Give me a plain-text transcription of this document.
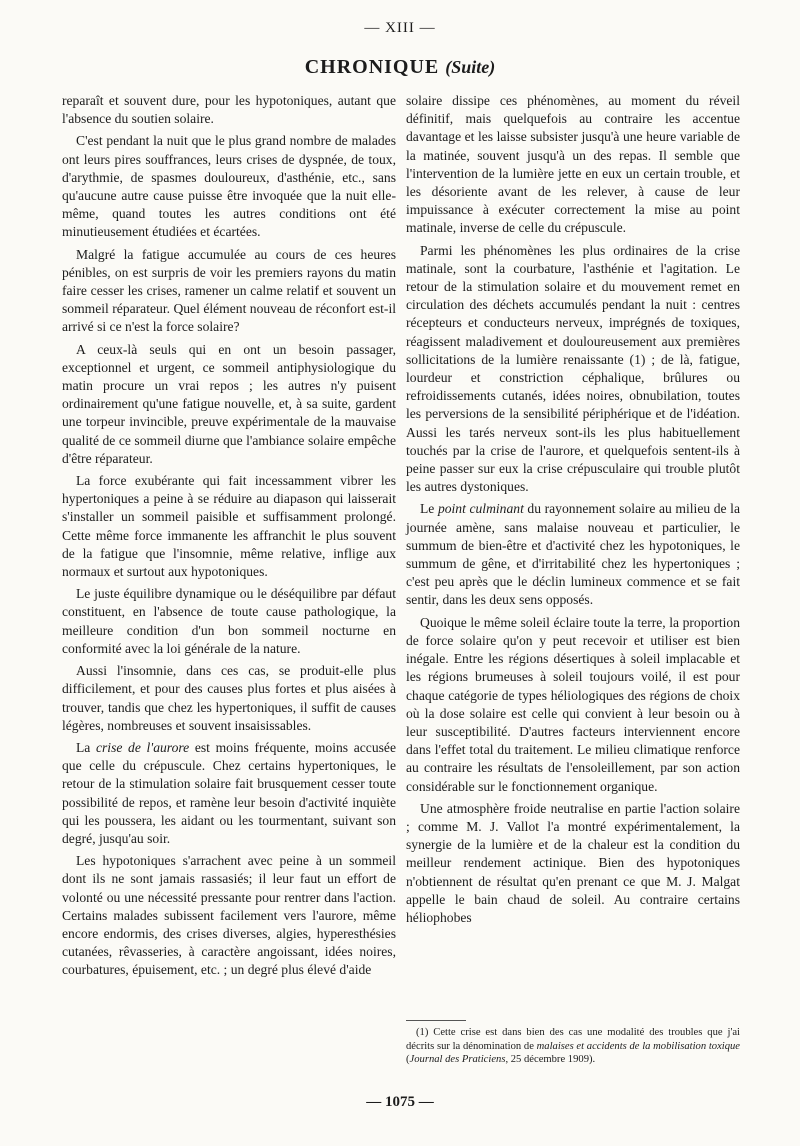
— XIII —
CHRONIQUE (Suite)

reparaît et souvent dure, pour les hypotoniques, autant que l'absence du soutien solaire.

C'est pendant la nuit que le plus grand nombre de malades ont leurs pires souffrances, leurs crises de dyspnée, de toux, d'arythmie, de spasmes douloureux, d'asthénie, etc., sans qu'aucune autre cause puisse être invoquée que la nuit elle-même, quand toutes les autres conditions ont été minutieusement étudiées et écartées.

Malgré la fatigue accumulée au cours de ces heures pénibles, on est surpris de voir les premiers rayons du matin faire cesser les crises, ramener un calme relatif et souvent un sommeil réparateur. Quel élément nouveau de réconfort est-il arrivé si ce n'est la force solaire?

A ceux-là seuls qui en ont un besoin passager, exceptionnel et urgent, ce sommeil antiphysiologique du matin procure un vrai repos ; les autres n'y puisent ordinairement qu'une fatigue nouvelle, et, à sa suite, gardent une torpeur invincible, preuve expérimentale de la mauvaise qualité de ce sommeil diurne que l'ambiance solaire empêche d'être réparateur.

La force exubérante qui fait incessamment vibrer les hypertoniques a peine à se réduire au diapason qui laisserait s'installer un sommeil paisible et suffisamment prolongé. Cette même force immanente les affranchit le plus souvent de la fatigue que l'insomnie, même relative, inflige aux normaux et surtout aux hypotoniques.

Le juste équilibre dynamique ou le déséquilibre par défaut constituent, en l'absence de toute cause pathologique, la meilleure condition d'un bon sommeil nocturne en conformité avec la loi générale de la nature.

Aussi l'insomnie, dans ces cas, se produit-elle plus difficilement, et pour des causes plus fortes et plus aisées à trouver, tandis que chez les hypertoniques, il suffit de causes légères, nombreuses et souvent insaisissables.

La crise de l'aurore est moins fréquente, moins accusée que celle du crépuscule. Chez certains hypertoniques, le retour de la stimulation solaire fait brusquement cesser toute possibilité de repos, et ramène leur besoin d'activité inquiète qui les poussera, les aidant ou les tourmentant, suivant son degré, jusqu'au soir.

Les hypotoniques s'arrachent avec peine à un sommeil dont ils ne sont jamais rassasiés; il leur faut un effort de volonté ou une nécessité pressante pour rentrer dans l'action. Certains malades subissent facilement vers l'aurore, même encore endormis, des crises diverses, algies, hyperesthésies cutanées, rêvasseries, à caractère angoissant, idées noires, courbatures, épuisement, etc. ; un degré plus élevé d'aide

solaire dissipe ces phénomènes, au moment du réveil définitif, mais quelquefois au contraire les accentue davantage et les laisse subsister jusqu'à une heure variable de la matinée, souvent jusqu'à un des repas. Il semble que l'intervention de la lumière jette en eux un certain trouble, et les désoriente avant de les relever, à cause de leur impuissance à exécuter correctement la mise au point matinale, inverse de celle du crépuscule.

Parmi les phénomènes les plus ordinaires de la crise matinale, sont la courbature, l'asthénie et l'agitation. Le retour de la stimulation solaire et du mouvement remet en circulation des déchets accumulés pendant la nuit : centres récepteurs et conducteurs nerveux, imprégnés de toxiques, réagissent maladivement et douloureusement aux premières sollicitations de la lumière renaissante (1) ; de là, fatigue, lourdeur et constriction céphalique, brûlures ou refroidissements cutanés, idées noires, obnubilation, toutes les perversions de la sensibilité périphérique et de l'idéation. Aussi les tarés nerveux sont-ils les plus habituellement touchés par la crise de l'aurore, et quelquefois sentent-ils à peine passer sur eux la crise crépusculaire qui trouble plutôt les autres dystoniques.

Le point culminant du rayonnement solaire au milieu de la journée amène, sans malaise nouveau et particulier, le summum de bien-être et d'activité chez les hypotoniques, le summum de gêne, et d'irritabilité chez les hypertoniques ; c'est peu après que le déclin lumineux commence et se fait sentir, dans les deux sens opposés.

Quoique le même soleil éclaire toute la terre, la proportion de force solaire qu'on y peut recevoir et utiliser est bien inégale. Entre les régions désertiques à soleil implacable et les régions brumeuses à soleil toujours voilé, il est pour chaque catégorie de types héliologiques des régions de choix où la dose solaire est celle qui convient à leur besoin ou à leur susceptibilité. D'autres facteurs interviennent encore dans l'effet total du traitement. Le milieu climatique renforce au contraire les résultats de l'ensoleillement, par son action considérable sur le fonctionnement organique.

Une atmosphère froide neutralise en partie l'action solaire ; comme M. J. Vallot l'a montré expérimentalement, la synergie de la lumière et de la chaleur est la condition du meilleur rendement actinique. Bien des hypotoniques n'obtiennent de résultat qu'en prenant ce que M. J. Malgat appelle le bain chaud de soleil. Au contraire certains héliophobes

(1) Cette crise est dans bien des cas une modalité des troubles que j'ai décrits sur la dénomination de malaises et accidents de la mobilisation toxique (Journal des Praticiens, 25 décembre 1909).
— 1075 —
